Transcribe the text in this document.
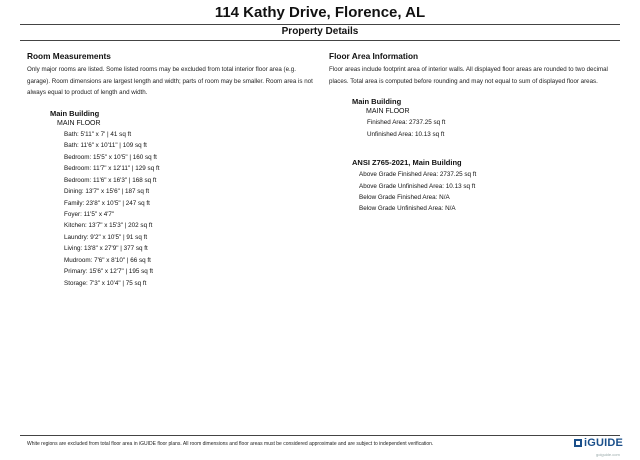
114 Kathy Drive, Florence, AL
Property Details
Room Measurements
Only major rooms are listed. Some listed rooms may be excluded from total interior floor area (e.g. garage). Room dimensions are largest length and width; parts of room may be smaller. Room area is not always equal to product of length and width.
Main Building
MAIN FLOOR
Bath: 5'11" x 7' | 41 sq ft
Bath: 11'6" x 10'11" | 109 sq ft
Bedroom: 15'5" x 10'5" | 160 sq ft
Bedroom: 11'7" x 12'11" | 129 sq ft
Bedroom: 11'6" x 16'3" | 168 sq ft
Dining: 13'7" x 15'6" | 187 sq ft
Family: 23'8" x 10'5" | 247 sq ft
Foyer: 11'5" x 4'7"
Kitchen: 13'7" x 15'3" | 202 sq ft
Laundry: 9'2" x 10'5" | 91 sq ft
Living: 13'8" x 27'9" | 377 sq ft
Mudroom: 7'6" x 8'10" | 66 sq ft
Primary: 15'6" x 12'7" | 195 sq ft
Storage: 7'3" x 10'4" | 75 sq ft
Floor Area Information
Floor areas include footprint area of interior walls. All displayed floor areas are rounded to two decimal places. Total area is computed before rounding and may not equal to sum of displayed floor areas.
Main Building
MAIN FLOOR
Finished Area: 2737.25 sq ft
Unfinished Area: 10.13 sq ft
ANSI Z765-2021, Main Building
Above Grade Finished Area: 2737.25 sq ft
Above Grade Unfinished Area: 10.13 sq ft
Below Grade Finished Area: N/A
Below Grade Unfinished Area: N/A
White regions are excluded from total floor area in iGUIDE floor plans. All room dimensions and floor areas must be considered approximate and are subject to independent verification.	iGUIDE
goiguide.com
